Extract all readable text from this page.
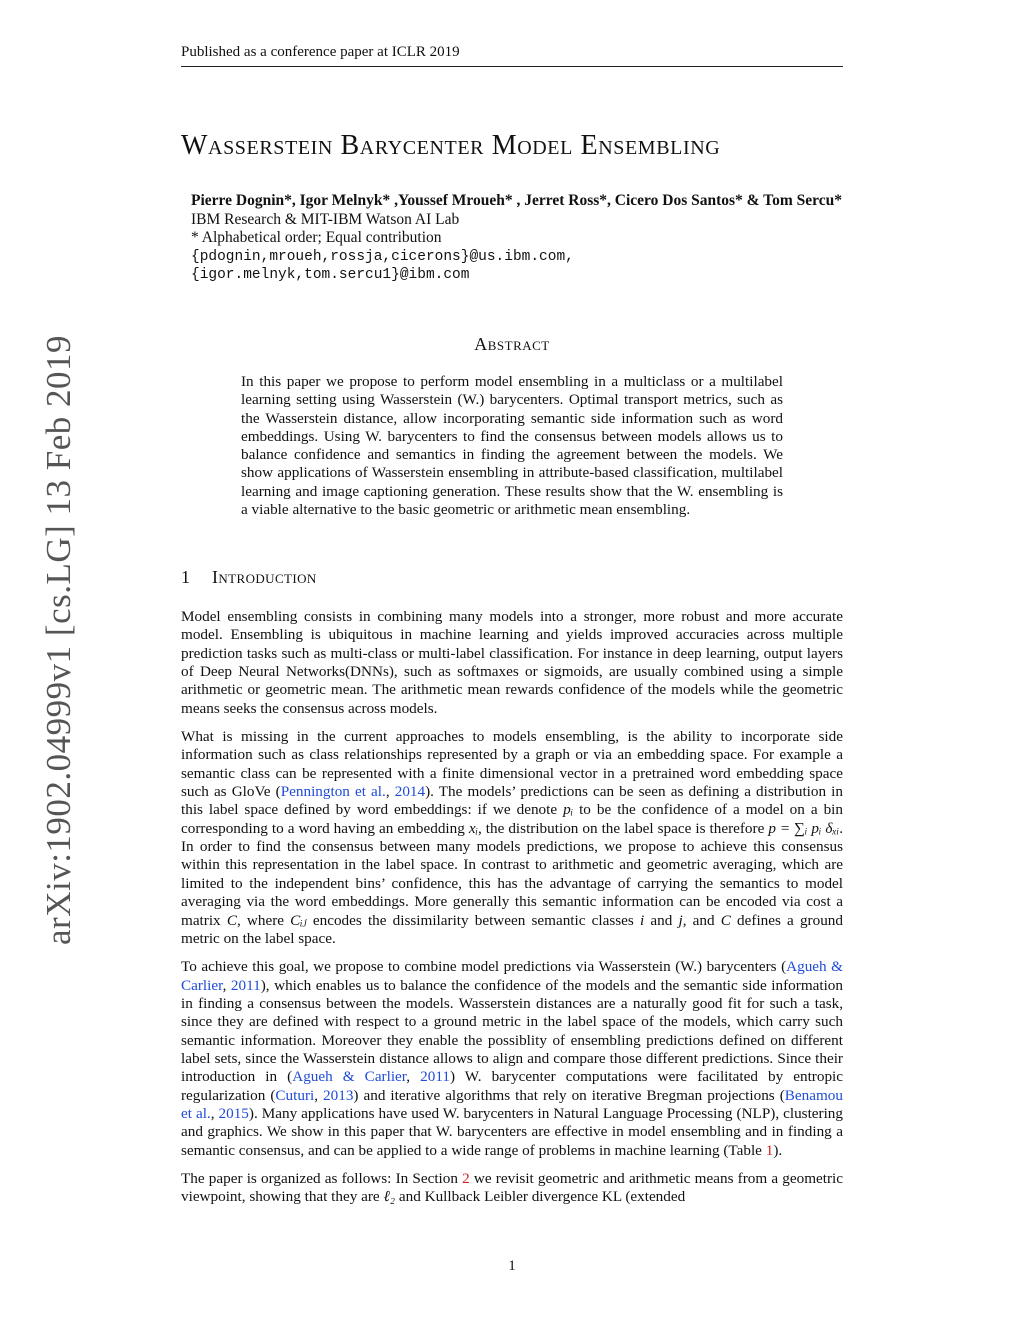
Published as a conference paper at ICLR 2019
arXiv:1902.04999v1 [cs.LG] 13 Feb 2019
Wasserstein Barycenter Model Ensembling
Pierre Dognin*, Igor Melnyk* ,Youssef Mroueh* , Jerret Ross*, Cicero Dos Santos* & Tom Sercu*
IBM Research & MIT-IBM Watson AI Lab
* Alphabetical order; Equal contribution
{pdognin,mroueh,rossja,cicerons}@us.ibm.com,
{igor.melnyk,tom.sercu1}@ibm.com
Abstract
In this paper we propose to perform model ensembling in a multiclass or a multilabel learning setting using Wasserstein (W.) barycenters. Optimal transport metrics, such as the Wasserstein distance, allow incorporating semantic side information such as word embeddings. Using W. barycenters to find the consensus between models allows us to balance confidence and semantics in finding the agreement between the models. We show applications of Wasserstein ensembling in attribute-based classification, multilabel learning and image captioning generation. These results show that the W. ensembling is a viable alternative to the basic geometric or arithmetic mean ensembling.
1 Introduction

Model ensembling consists in combining many models into a stronger, more robust and more accurate model. Ensembling is ubiquitous in machine learning and yields improved accuracies across multiple prediction tasks such as multi-class or multi-label classification. For instance in deep learning, output layers of Deep Neural Networks(DNNs), such as softmaxes or sigmoids, are usually combined using a simple arithmetic or geometric mean. The arithmetic mean rewards confidence of the models while the geometric means seeks the consensus across models.

What is missing in the current approaches to models ensembling, is the ability to incorporate side information such as class relationships represented by a graph or via an embedding space. For example a semantic class can be represented with a finite dimensional vector in a pretrained word embedding space such as GloVe (Pennington et al., 2014). The models’ predictions can be seen as defining a distribution in this label space defined by word embeddings: if we denote pᵢ to be the confidence of a model on a bin corresponding to a word having an embedding xᵢ, the distribution on the label space is therefore p = ∑ᵢ pᵢ δₓᵢ. In order to find the consensus between many models predictions, we propose to achieve this consensus within this representation in the label space. In contrast to arithmetic and geometric averaging, which are limited to the independent bins’ confidence, this has the advantage of carrying the semantics to model averaging via the word embeddings. More generally this semantic information can be encoded via cost a matrix C, where Cᵢⱼ encodes the dissimilarity between semantic classes i and j, and C defines a ground metric on the label space.

To achieve this goal, we propose to combine model predictions via Wasserstein (W.) barycenters (Agueh & Carlier, 2011), which enables us to balance the confidence of the models and the semantic side information in finding a consensus between the models. Wasserstein distances are a naturally good fit for such a task, since they are defined with respect to a ground metric in the label space of the models, which carry such semantic information. Moreover they enable the possiblity of ensembling predictions defined on different label sets, since the Wasserstein distance allows to align and compare those different predictions. Since their introduction in (Agueh & Carlier, 2011) W. barycenter computations were facilitated by entropic regularization (Cuturi, 2013) and iterative algorithms that rely on iterative Bregman projections (Benamou et al., 2015). Many applications have used W. barycenters in Natural Language Processing (NLP), clustering and graphics. We show in this paper that W. barycenters are effective in model ensembling and in finding a semantic consensus, and can be applied to a wide range of problems in machine learning (Table 1).

The paper is organized as follows: In Section 2 we revisit geometric and arithmetic means from a geometric viewpoint, showing that they are ℓ₂ and Kullback Leibler divergence KL (extended

1
